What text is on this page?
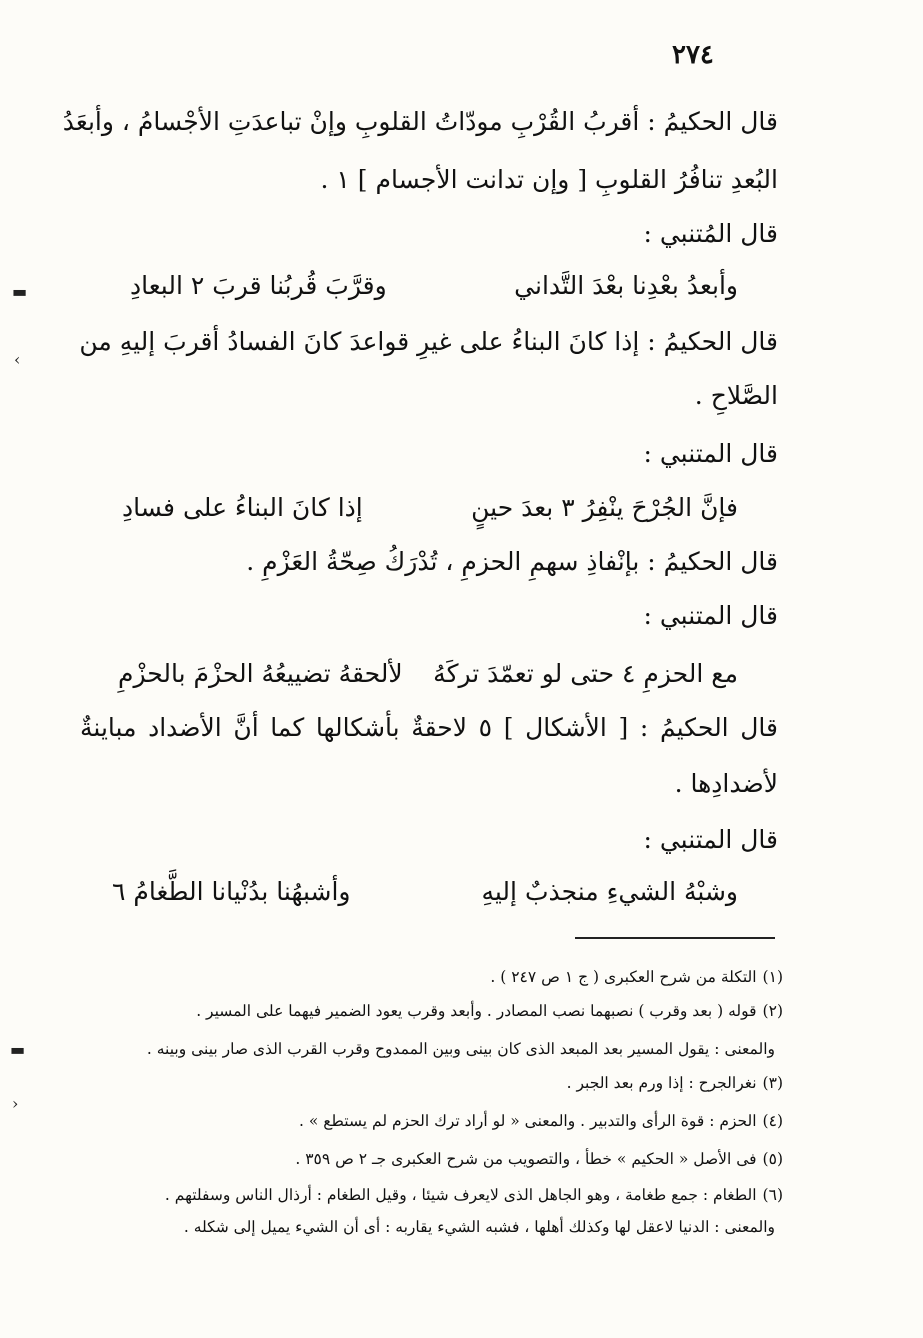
٢٧٤
قال الحكيمُ : أقربُ القُرْبِ مودّاتُ القلوبِ وإنْ تباعدَتِ الأجْسامُ ، وأبعَدُ
البُعدِ تنافُرُ القلوبِ [ وإن تدانت الأجسام ] ١ .
قال المُتنبي :
وأبعدُ بعْدِنا بعْدَ التَّداني
وقرَّبَ قُربُنا قربَ ٢ البعادِ
قال الحكيمُ : إذا كانَ البناءُ على غيرِ قواعدَ كانَ الفسادُ أقربَ إليهِ من
الصَّلاحِ .
قال المتنبي :
فإنَّ الجُرْحَ ينْفِرُ ٣ بعدَ حينٍ
إذا كانَ البناءُ على فسادِ
قال الحكيمُ : بإنْفاذِ سهمِ الحزمِ ، تُدْرَكُ صِحّةُ العَزْمِ .
قال المتنبي :
مع الحزمِ ٤ حتى لو تعمّدَ تركَهُ
لألحقهُ تضييعُهُ الحزْمَ بالحزْمِ
قال الحكيمُ : [ الأشكال ] ٥ لاحقةٌ بأشكالها كما أنَّ الأضداد مباينةٌ
لأضدادِها .
قال المتنبي :
وشبْهُ الشيءِ منجذبٌ إليهِ
وأشبهُنا بدُنْيانا الطَّغامُ ٦
(١)التكلة من شرح العكبرى ( ج ١ ص ٢٤٧ ) .
(٢)قوله ( بعد وقرب ) نصبهما نصب المصادر . وأبعد وقرب يعود الضمير فيهما على المسير .
والمعنى : يقول المسير بعد المبعد الذى كان بينى وبين الممدوح وقرب القرب الذى صار بينى وبينه .
(٣)نغرالجرح : إذا ورم بعد الجبر .
(٤)الحزم : قوة الرأى والتدبير . والمعنى « لو أراد ترك الحزم لم يستطع » .
(٥)فى الأصل « الحكيم » خطأ ، والتصويب من شرح العكبرى جـ ٢ ص ٣٥٩ .
(٦)الطغام : جمع طغامة ، وهو الجاهل الذى لايعرف شيئا ، وقيل الطغام : أرذال الناس وسفلتهم .
والمعنى : الدنيا لاعقل لها وكذلك أهلها ، فشبه الشيء يقاربه : أى أن الشيء يميل إلى شكله .
▬
‹
▬
›
